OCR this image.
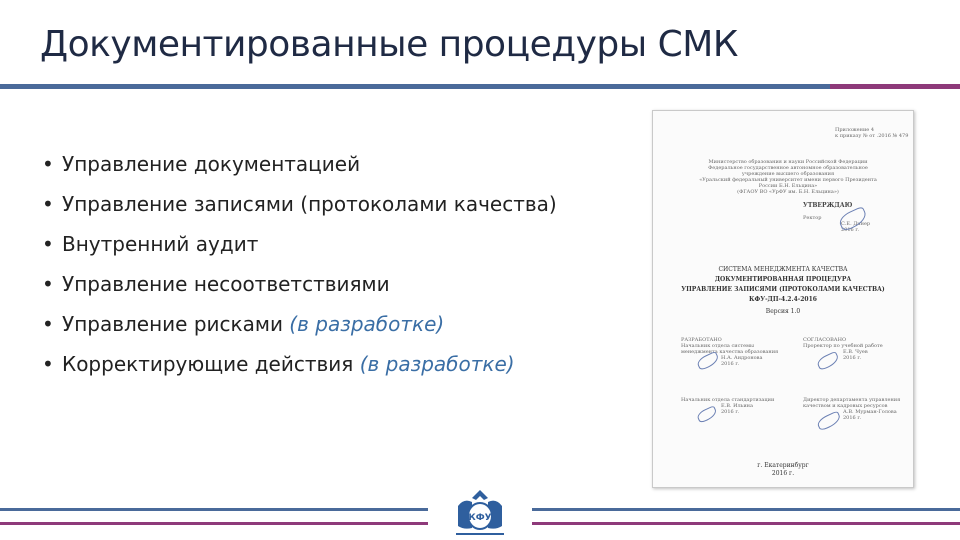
Документированные процедуры СМК
• Управление документацией
• Управление записями (протоколами качества)
• Внутренний аудит
• Управление несоответствиями
• Управление рисками (в разработке)
• Корректирующие действия (в разработке)
Приложение 4
к приказу № от .2016 № 479
Министерство образования и науки Российской Федерации
Федеральное государственное автономное образовательное учреждение высшего образования
«Уральский федеральный университет имени первого Президента России Б.Н. Ельцина»
(ФГАОУ ВО «УрФУ им. Б.Н. Ельцина»)
УТВЕРЖДАЮ
Ректор
С.Е. Динер
2016 г.
СИСТЕМА МЕНЕДЖМЕНТА КАЧЕСТВА
ДОКУМЕНТИРОВАННАЯ ПРОЦЕДУРА
УПРАВЛЕНИЕ ЗАПИСЯМИ (ПРОТОКОЛАМИ КАЧЕСТВА)
КФУ-ДП-4.2.4-2016
Версия 1.0
РАЗРАБОТАНО
Начальник отдела системы менеджмента качества образования
Н.А. Андронова
2016 г.
СОГЛАСОВАНО
Проректор по учебной работе
Е.В. Чуев
2016 г.
Начальник отдела стандартизации
Е.В. Ильина
2016 г.
Директор департамента управления качеством и кадровых ресурсов
А.В. Мурман-Голова
2016 г.
г. Екатеринбург
2016 г.
КФУ
